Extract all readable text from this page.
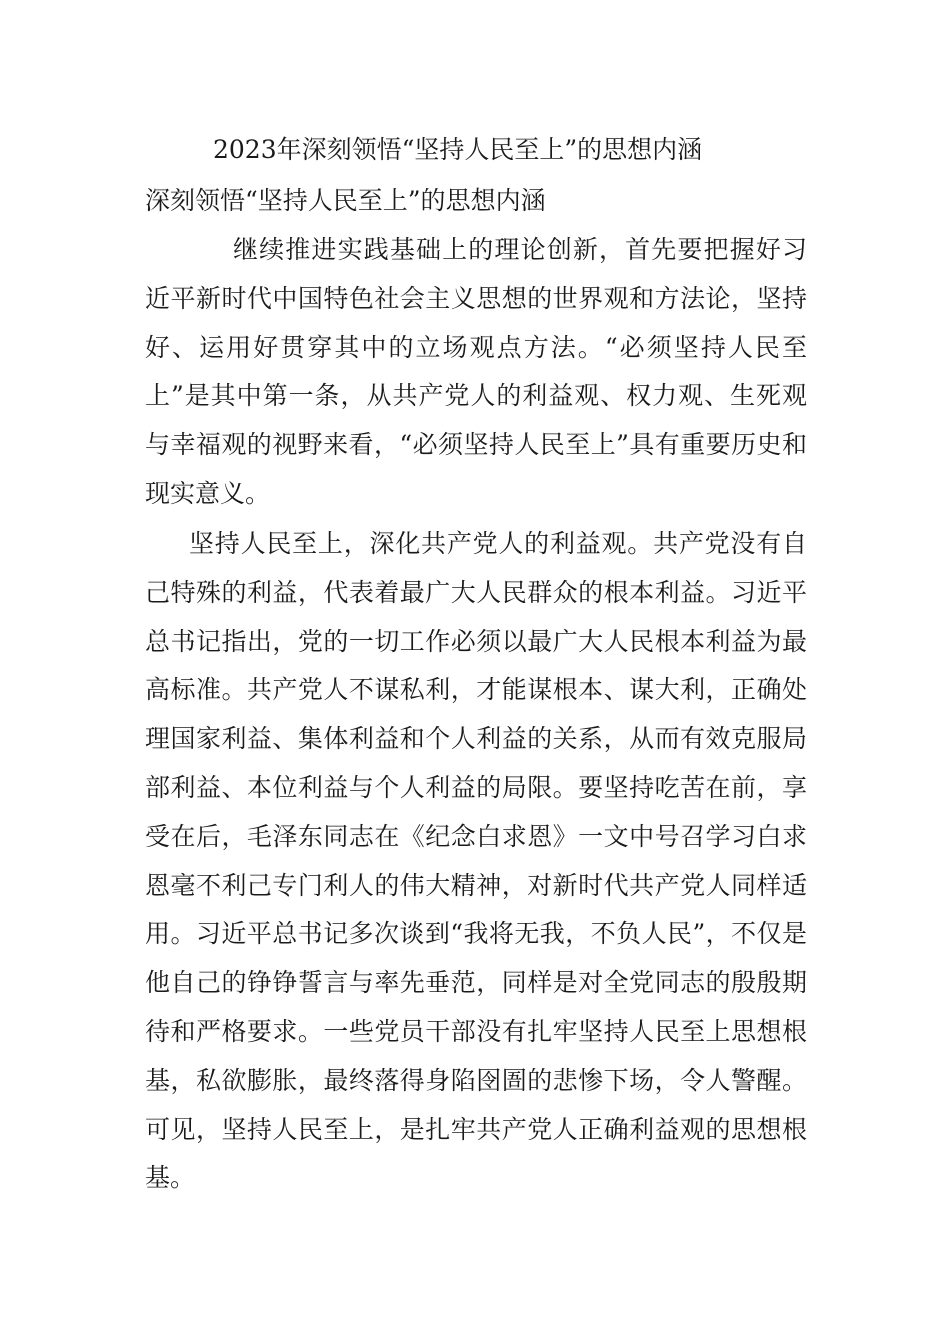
2023年深刻领悟“坚持人民至上”的思想内涵
深刻领悟“坚持人民至上”的思想内涵

继续推进实践基础上的理论创新，首先要把握好习近平新时代中国特色社会主义思想的世界观和方法论，坚持好、运用好贯穿其中的立场观点方法。“必须坚持人民至上”是其中第一条，从共产党人的利益观、权力观、生死观与幸福观的视野来看，“必须坚持人民至上”具有重要历史和现实意义。

坚持人民至上，深化共产党人的利益观。共产党没有自己特殊的利益，代表着最广大人民群众的根本利益。习近平总书记指出，党的一切工作必须以最广大人民根本利益为最高标准。共产党人不谋私利，才能谋根本、谋大利，正确处理国家利益、集体利益和个人利益的关系，从而有效克服局部利益、本位利益与个人利益的局限。要坚持吃苦在前，享受在后，毛泽东同志在《纪念白求恩》一文中号召学习白求恩毫不利己专门利人的伟大精神，对新时代共产党人同样适用。习近平总书记多次谈到“我将无我，不负人民”，不仅是他自己的铮铮誓言与率先垂范，同样是对全党同志的殷殷期待和严格要求。一些党员干部没有扎牢坚持人民至上思想根基，私欲膨胀，最终落得身陷囹圄的悲惨下场，令人警醒。可见，坚持人民至上，是扎牢共产党人正确利益观的思想根基。
